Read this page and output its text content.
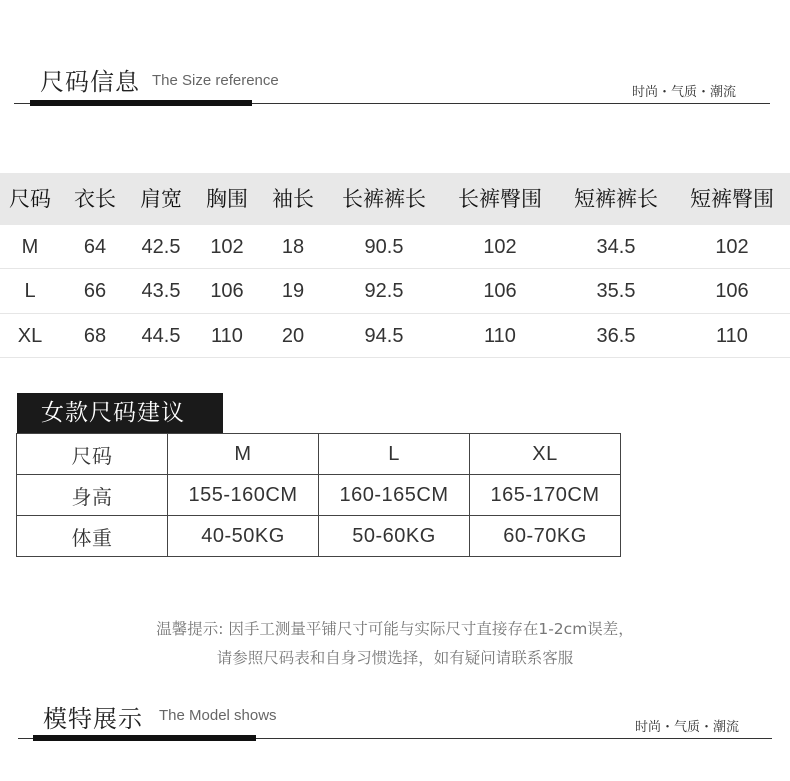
尺码信息 The Size reference
时尚・气质・潮流
尺码	衣长	肩宽	胸围	袖长	长裤裤长	长裤臀围	短裤裤长	短裤臀围
M	64	42.5	102	18	90.5	102	34.5	102
L	66	43.5	106	19	92.5	106	35.5	106
XL	68	44.5	110	20	94.5	110	36.5	110
女款尺码建议
尺码	M	L	XL
身高	155-160CM	160-165CM	165-170CM
体重	40-50KG	50-60KG	60-70KG
温馨提示: 因手工测量平铺尺寸可能与实际尺寸直接存在1-2cm误差，
请参照尺码表和自身习惯选择，如有疑问请联系客服
模特展示 The Model shows
时尚・气质・潮流
